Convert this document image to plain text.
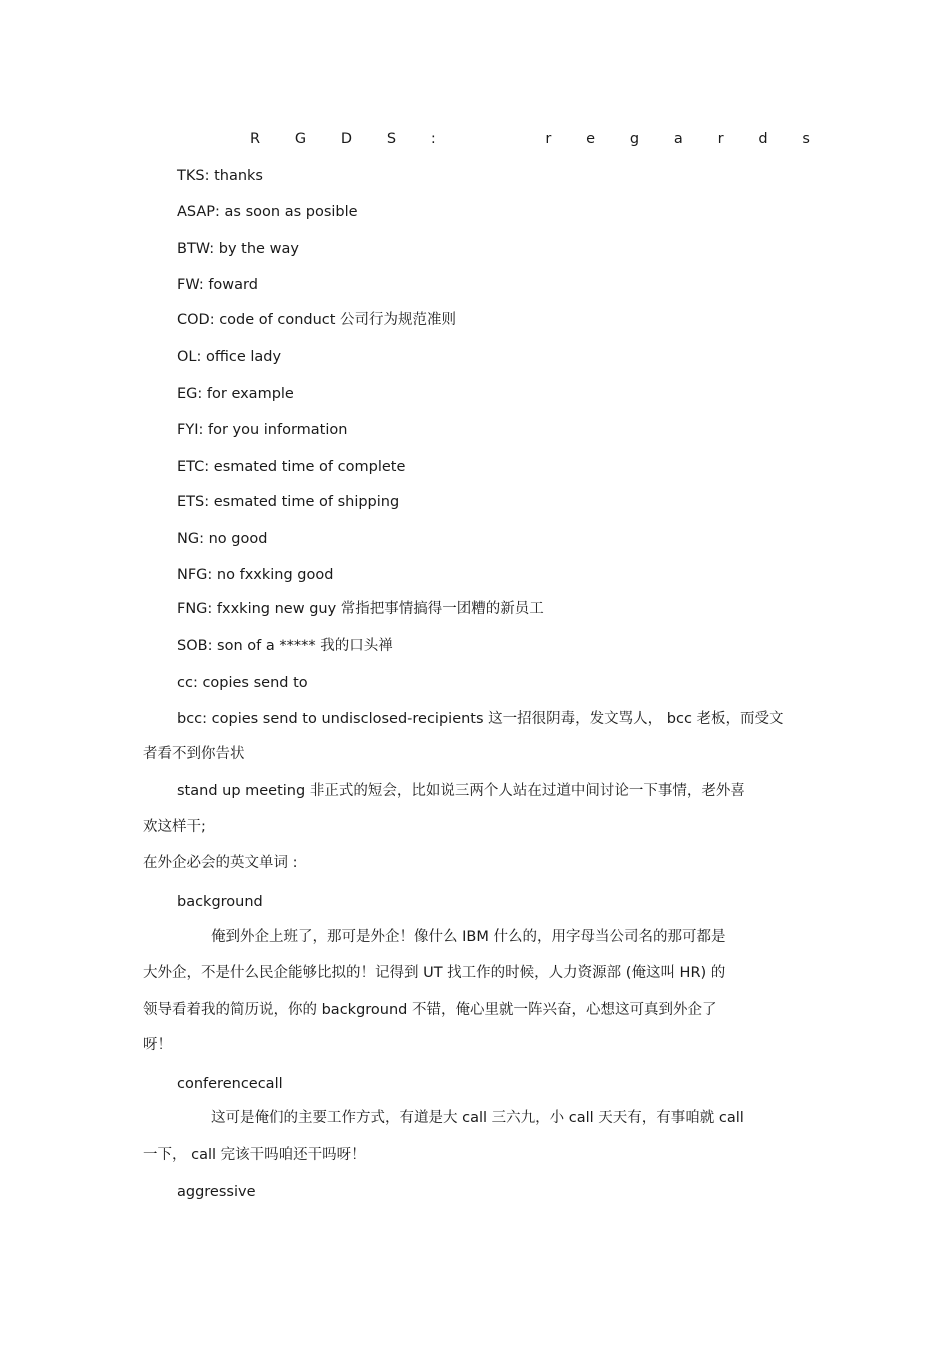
R G D S :	r e g a r d s
TKS: thanks
ASAP: as soon as posible
BTW: by the way
FW: foward
COD: code of conduct 公司行为规范准则
OL: office lady
EG: for example
FYI: for you information
ETC: esmated time of complete
ETS: esmated time of shipping
NG: no good
NFG: no fxxking good
FNG: fxxking new guy 常指把事情搞得一团糟的新员工
SOB: son of a ***** 我的口头禅
cc: copies send to
bcc: copies send to undisclosed-recipients 这一招很阴毒，发文骂人， bcc 老板，而受文
者看不到你告状
stand up meeting 非正式的短会，比如说三两个人站在过道中间讨论一下事情，老外喜
欢这样干;
在外企必会的英文单词 :
background
俺到外企上班了，那可是外企！像什么 IBM 什么的，用字母当公司名的那可都是
大外企，不是什么民企能够比拟的！记得到 UT 找工作的时候，人力资源部 (俺这叫 HR) 的
领导看着我的简历说，你的 background 不错，俺心里就一阵兴奋，心想这可真到外企了
呀！
conferencecall
这可是俺们的主要工作方式，有道是大 call 三六九，小 call 天天有，有事咱就 call
一下， call 完该干吗咱还干吗呀！
aggressive
